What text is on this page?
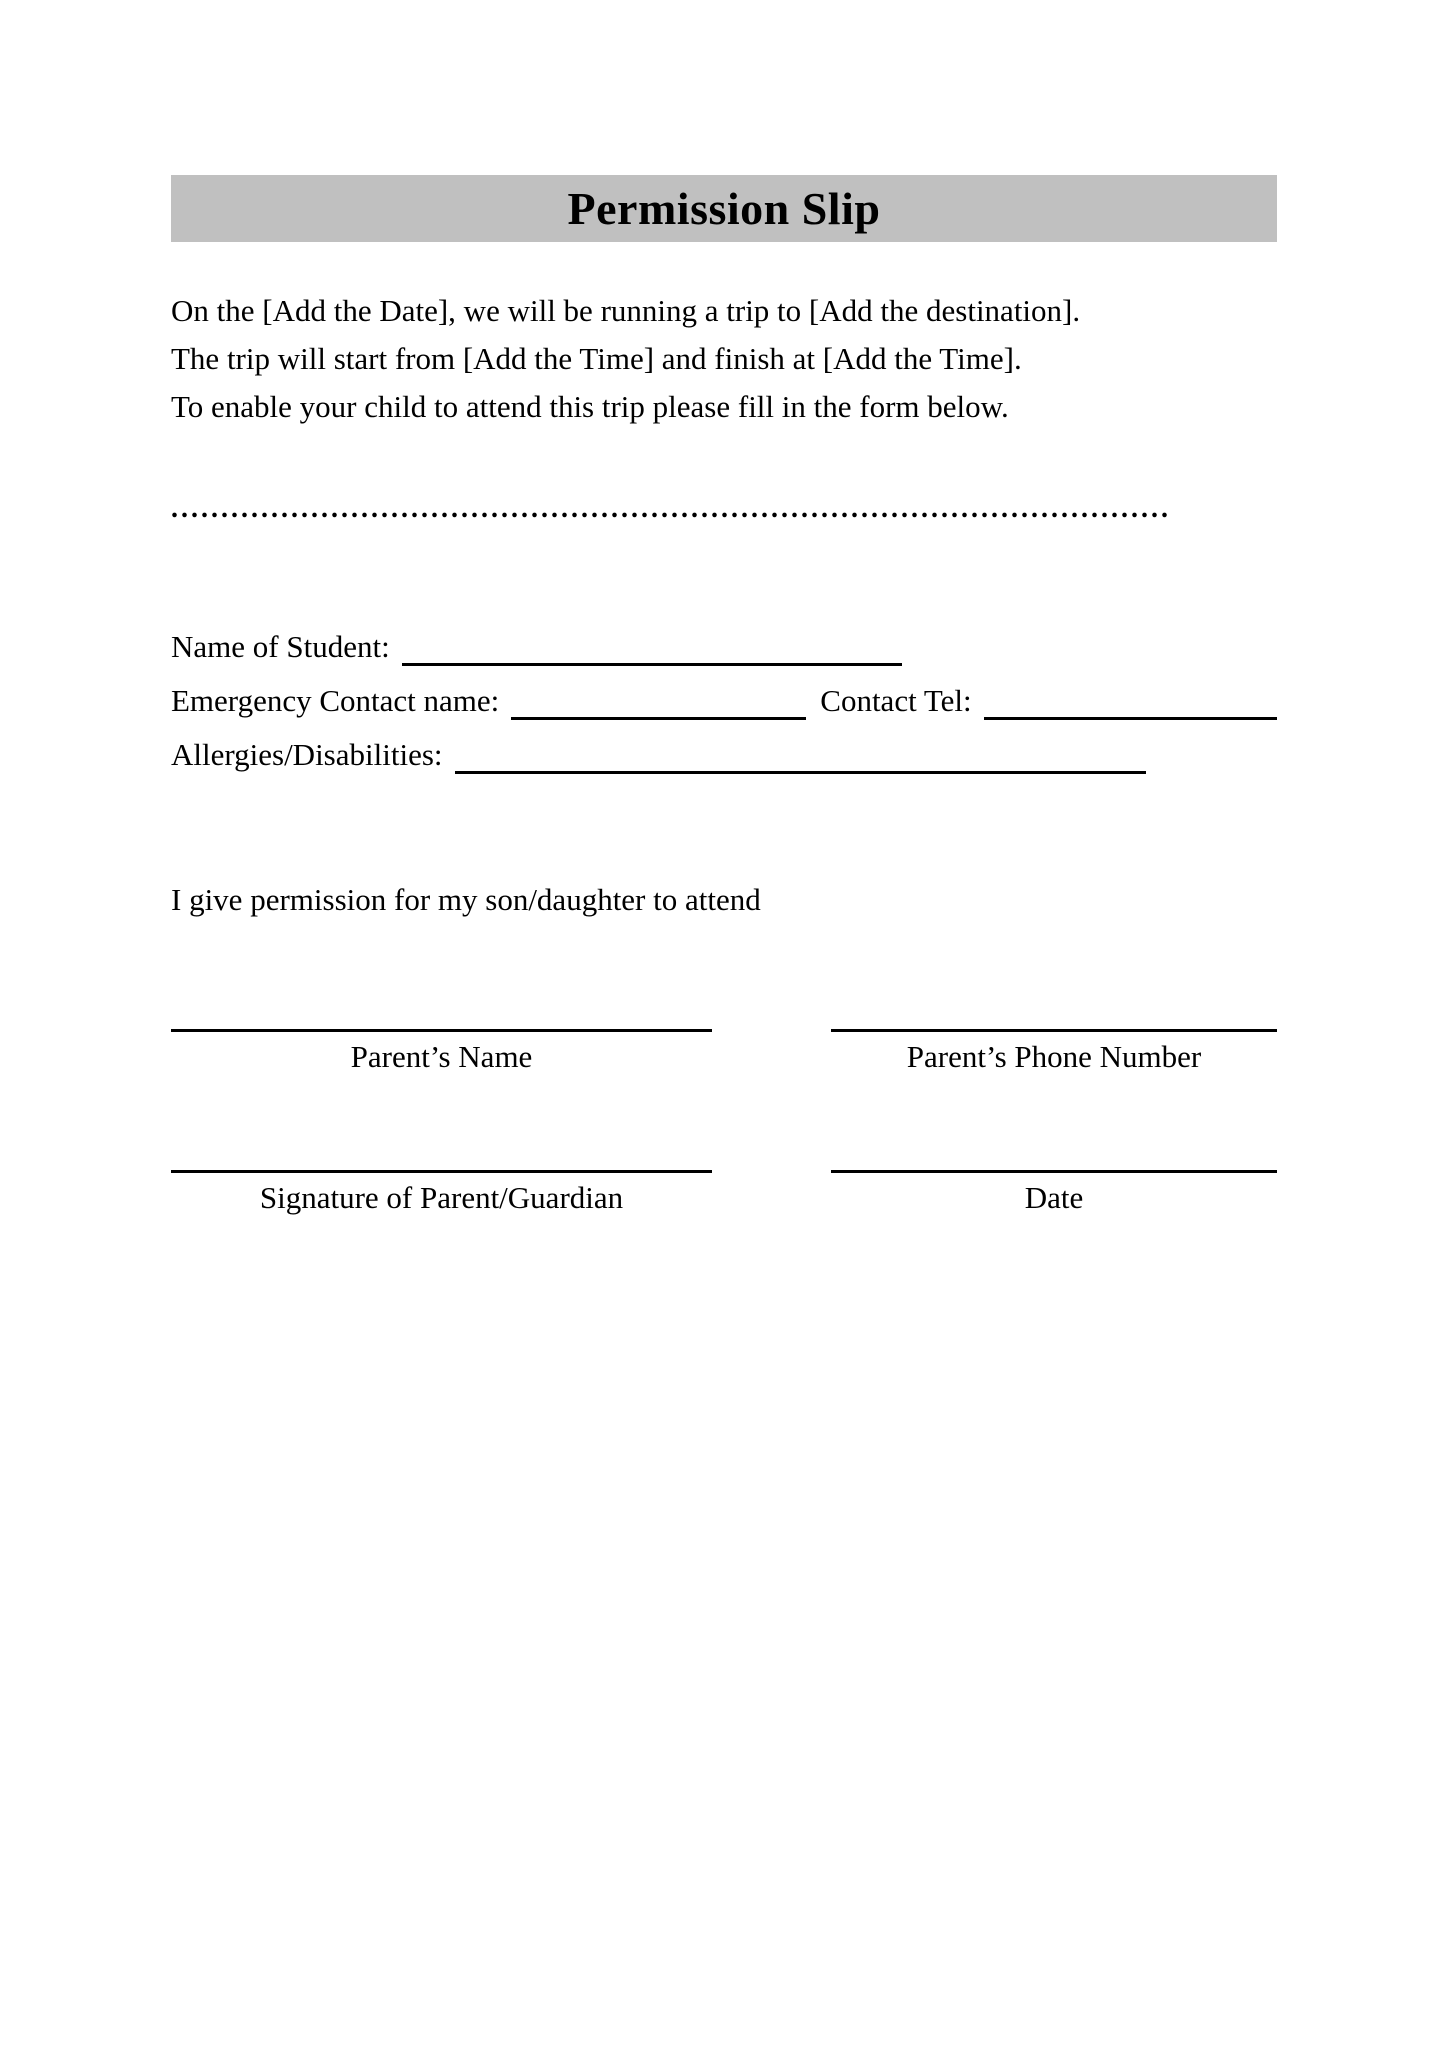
Permission Slip

On the [Add the Date], we will be running a trip to [Add the destination].

The trip will start from [Add the Time] and finish at [Add the Time].

To enable your child to attend this trip please fill in the form below.

....................................................................................................

Name of Student:
Emergency Contact name:	Contact Tel:
Allergies/Disabilities:

I give permission for my son/daughter to attend

Parent’s Name	Parent’s Phone Number
Signature of Parent/Guardian	Date
